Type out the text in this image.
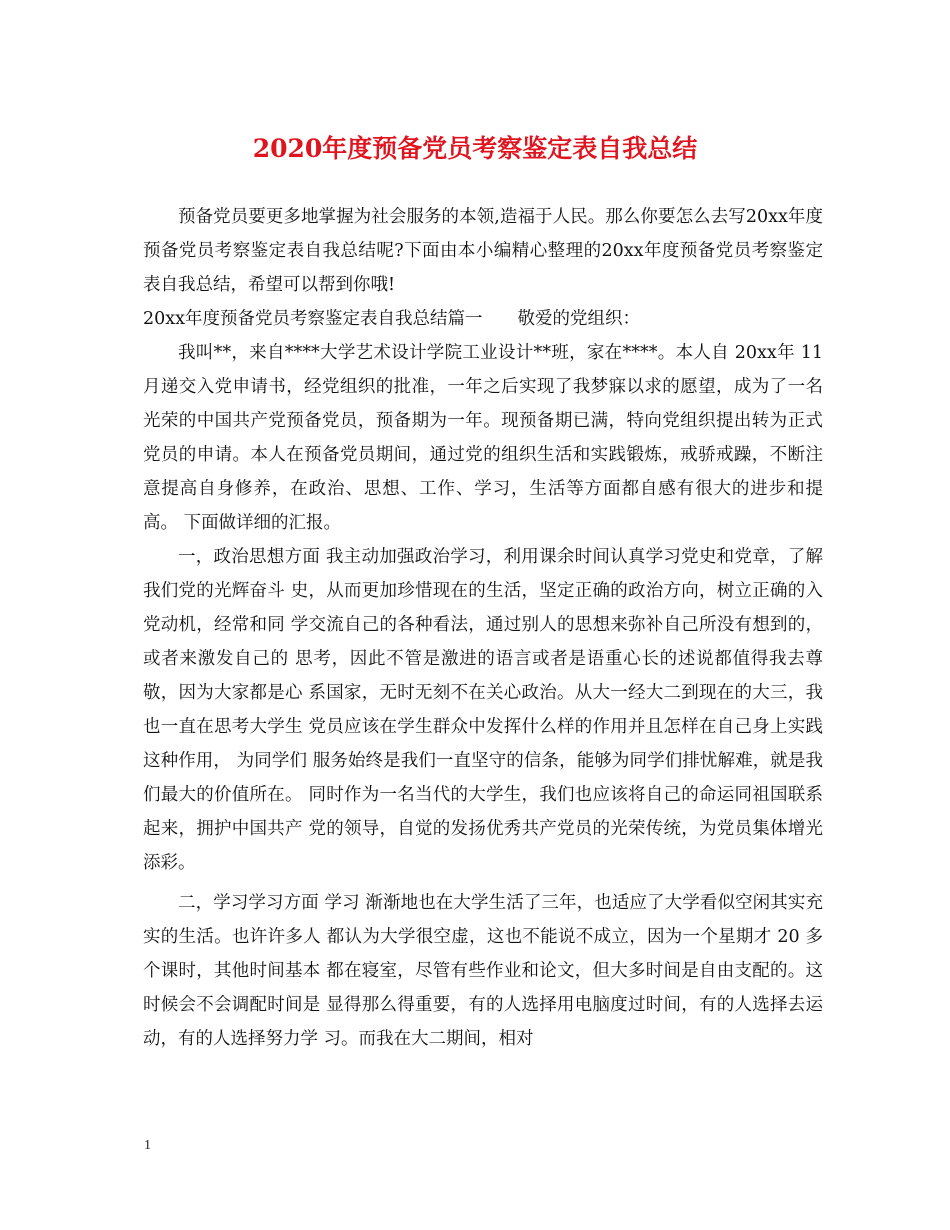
2020年度预备党员考察鉴定表自我总结

预备党员要更多地掌握为社会服务的本领,造福于人民。那么你要怎么去写20xx年度预备党员考察鉴定表自我总结呢?下面由本小编精心整理的20xx年度预备党员考察鉴定表自我总结，希望可以帮到你哦!

20xx年度预备党员考察鉴定表自我总结篇一　　敬爱的党组织：

我叫**，来自****大学艺术设计学院工业设计**班，家在****。本人自 20xx年 11 月递交入党申请书，经党组织的批准，一年之后实现了我梦寐以求的愿望，成为了一名 光荣的中国共产党预备党员，预备期为一年。现预备期已满，特向党组织提出转为正式 党员的申请。本人在预备党员期间，通过党的组织生活和实践锻炼，戒骄戒躁，不断注 意提高自身修养，在政治、思想、工作、学习，生活等方面都自感有很大的进步和提高。 下面做详细的汇报。

一，政治思想方面 我主动加强政治学习，利用课余时间认真学习党史和党章，了解我们党的光辉奋斗 史，从而更加珍惜现在的生活，坚定正确的政治方向，树立正确的入党动机，经常和同 学交流自己的各种看法，通过别人的思想来弥补自己所没有想到的，或者来激发自己的 思考，因此不管是激进的语言或者是语重心长的述说都值得我去尊敬，因为大家都是心 系国家，无时无刻不在关心政治。从大一经大二到现在的大三，我也一直在思考大学生 党员应该在学生群众中发挥什么样的作用并且怎样在自己身上实践这种作用， 为同学们 服务始终是我们一直坚守的信条，能够为同学们排忧解难，就是我们最大的价值所在。 同时作为一名当代的大学生，我们也应该将自己的命运同祖国联系起来，拥护中国共产 党的领导，自觉的发扬优秀共产党员的光荣传统，为党员集体增光添彩。

二，学习学习方面 学习 渐渐地也在大学生活了三年，也适应了大学看似空闲其实充实的生活。也许许多人 都认为大学很空虚，这也不能说不成立，因为一个星期才 20 多个课时，其他时间基本 都在寝室，尽管有些作业和论文，但大多时间是自由支配的。这时候会不会调配时间是 显得那么得重要，有的人选择用电脑度过时间，有的人选择去运动，有的人选择努力学 习。而我在大二期间，相对

1
